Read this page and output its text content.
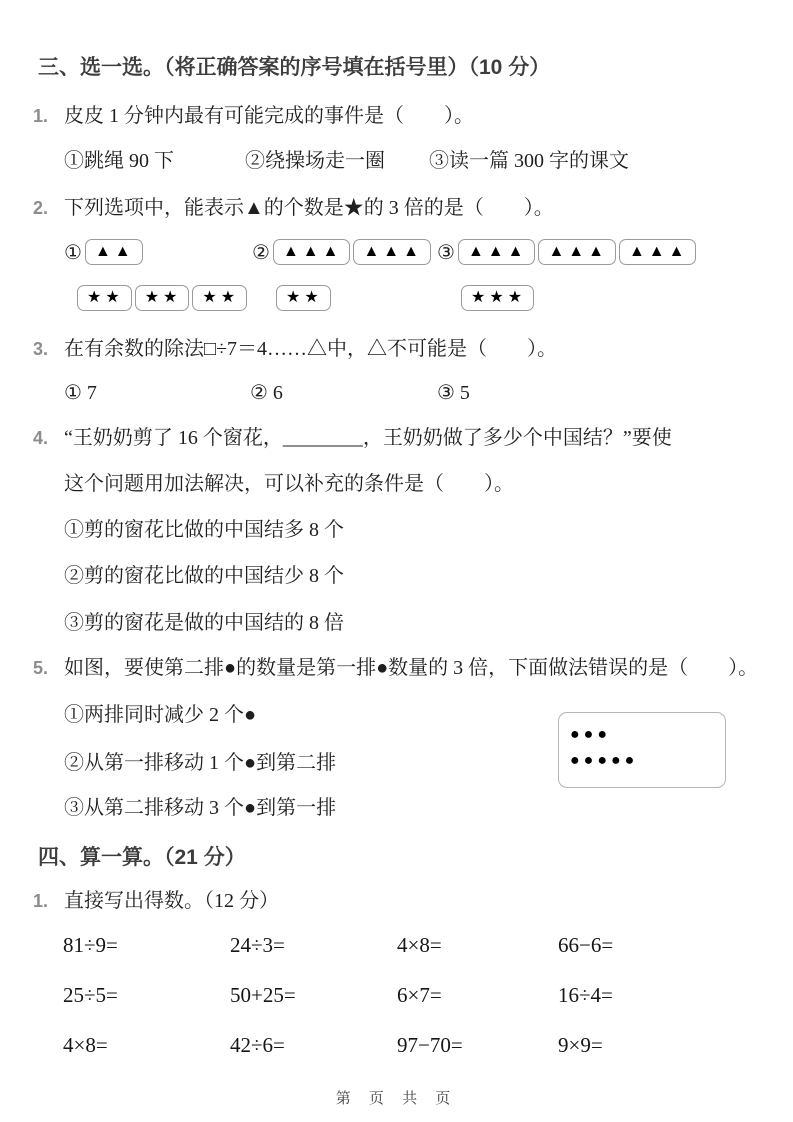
三、选一选。（将正确答案的序号填在括号里）（10 分）
1. 皮皮 1 分钟内最有可能完成的事件是（　　）。
①跳绳 90 下	②绕操场走一圈	③读一篇 300 字的课文
2. 下列选项中，能表示▲的个数是★的 3 倍的是（　　）。
① ▲▲
★★	★★	★★
② ▲▲▲	▲▲▲
★★
③ ▲▲▲	▲▲▲	▲▲▲
★★★
3. 在有余数的除法□÷7＝4……△中，△不可能是（　　）。
① 7	② 6	③ 5
4. “王奶奶剪了 16 个窗花，________，王奶奶做了多少个中国结？”要使
这个问题用加法解决，可以补充的条件是（　　）。
①剪的窗花比做的中国结多 8 个
②剪的窗花比做的中国结少 8 个
③剪的窗花是做的中国结的 8 倍
5. 如图，要使第二排●的数量是第一排●数量的 3 倍，下面做法错误的是（　　）。
①两排同时减少 2 个●
②从第一排移动 1 个●到第二排
③从第二排移动 3 个●到第一排
●●●
●●●●●
四、算一算。（21 分）
1. 直接写出得数。（12 分）
81÷9=	24÷3=	4×8=	66−6=
25÷5=	50+25=	6×7=	16÷4=
4×8=	42÷6=	97−70=	9×9=
第 页 共 页
